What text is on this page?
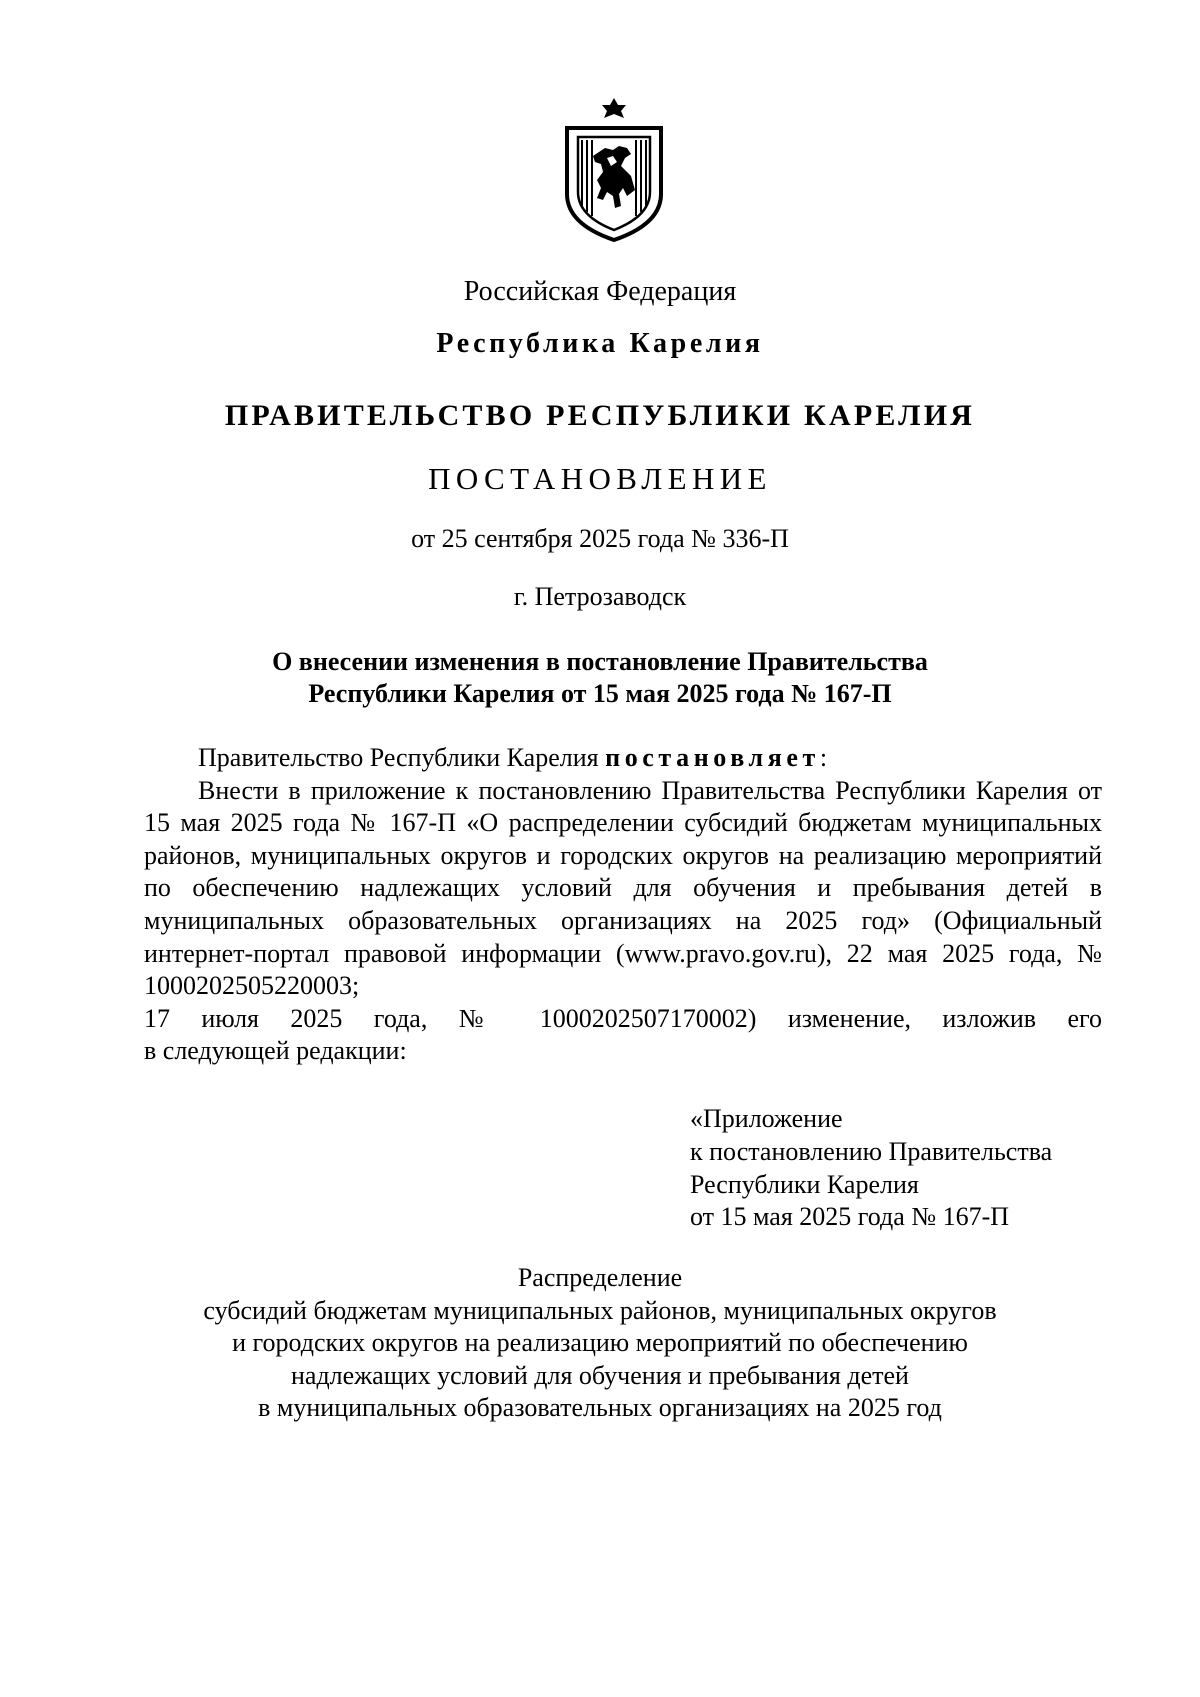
Российская Федерация
Республика Карелия
ПРАВИТЕЛЬСТВО РЕСПУБЛИКИ КАРЕЛИЯ
ПОСТАНОВЛЕНИЕ
от 25 сентября 2025 года № 336-П
г. Петрозаводск
О внесении изменения в постановление Правительства
Республики Карелия от 15 мая 2025 года № 167-П

Правительство Республики Карелия постановляет:

Внести в приложение к постановлению Правительства Республики Карелия от 15 мая 2025 года № 167-П «О распределении субсидий бюджетам муниципальных районов, муниципальных округов и городских округов на реализацию мероприятий по обеспечению надлежащих условий для обучения и пребывания детей в муниципальных образовательных организациях на 2025 год» (Официальный интернет-портал правовой информации (www.pravo.gov.ru), 22 мая 2025 года, № 1000202505220003;

17 июля 2025 года, № 1000202507170002) изменение, изложив его

в следующей редакции:

«Приложение
к постановлению Правительства
Республики Карелия
от 15 мая 2025 года № 167-П
Распределение
субсидий бюджетам муниципальных районов, муниципальных округов
и городских округов на реализацию мероприятий по обеспечению
надлежащих условий для обучения и пребывания детей
в муниципальных образовательных организациях на 2025 год
